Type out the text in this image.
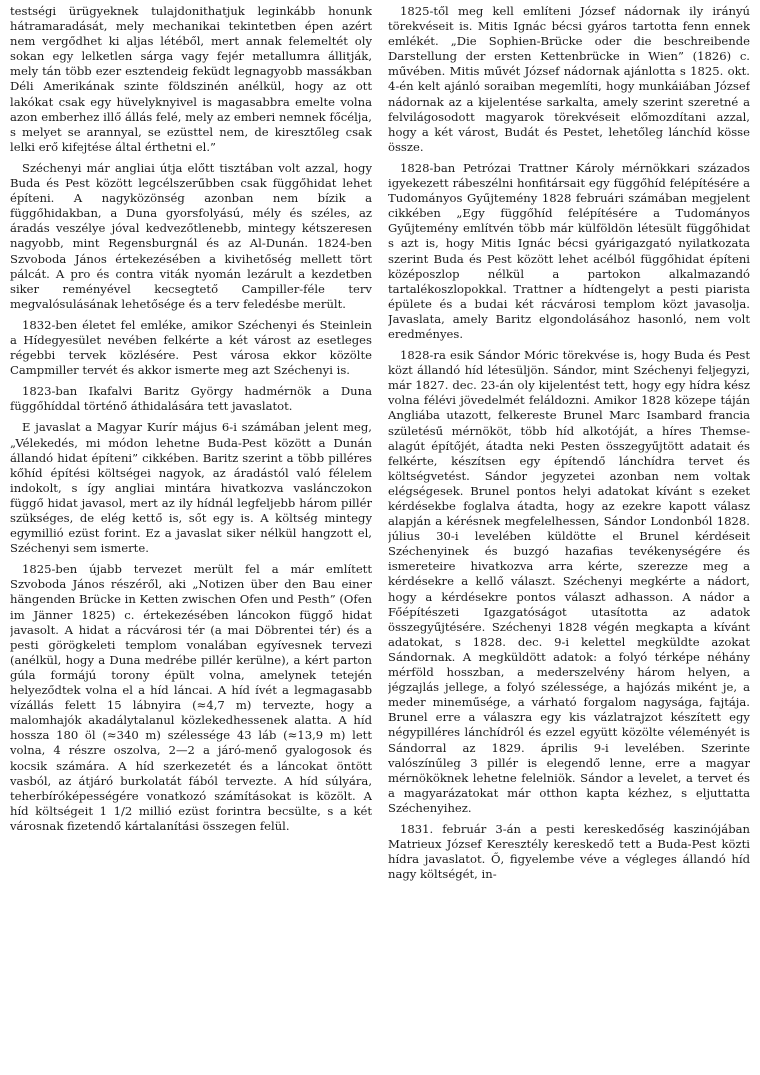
testségi ürügyeknek tulajdonithatjuk leginkább honunk hátramaradását, mely mechanikai tekintetben épen azért nem vergődhet ki aljas létéből, mert annak felemeltét oly sokan egy lelketlen sárga vagy fejér metallumra állitják, mely tán több ezer esztendeig feküdt legnagyobb massákban Déli Amerikának szinte földszinén anélkül, hogy az ott lakókat csak egy hüvelyknyivel is magasabbra emelte volna azon emberhez illő állás felé, mely az emberi nemnek főcélja, s melyet se arannyal, se ezüsttel nem, de kiresztőleg csak lelki erő kifejtése által érthetni el.”

Széchenyi már angliai útja előtt tisztában volt azzal, hogy Buda és Pest között legcélszerűbben csak függőhidat lehet építeni. A nagyközönség azonban nem bízik a függőhidakban, a Duna gyorsfolyású, mély és széles, az áradás veszélye jóval kedvezőtlenebb, mintegy kétszeresen nagyobb, mint Regensburgnál és az Al-Dunán. 1824-ben Szvoboda János értekezésében a kivihetőség mellett tört pálcát. A pro és contra viták nyomán lezárult a kezdetben siker reményével kecsegtető Campiller-féle terv megvalósulásának lehetősége és a terv feledésbe merült.

1832-ben életet fel emléke, amikor Széchenyi és Steinlein a Hídegyesület nevében felkérte a két várost az esetleges régebbi tervek közlésére. Pest városa ekkor közölte Campmiller tervét és akkor ismerte meg azt Széchenyi is.

1823-ban Ikafalvi Baritz György hadmérnök a Duna függőhíddal történő áthidalására tett javaslatot.

E javaslat a Magyar Kurír május 6-i számában jelent meg, „Vélekedés, mi módon lehetne Buda-Pest között a Dunán állandó hidat építeni” cikkében. Baritz szerint a több pilléres kőhíd építési költségei nagyok, az áradástól való félelem indokolt, s így angliai mintára hivatkozva vaslánczokon függő hidat javasol, mert az ily hídnál legfeljebb három pillér szükséges, de elég kettő is, sőt egy is. A költség mintegy egymillió ezüst forint. Ez a javaslat siker nélkül hangzott el, Széchenyi sem ismerte.

1825-ben újabb tervezet merült fel a már említett Szvoboda János részéről, aki „Notizen über den Bau einer hängenden Brücke in Ketten zwischen Ofen und Pesth” (Ofen im Jänner 1825) c. értekezésében láncokon függő hidat javasolt. A hidat a rácvárosi tér (a mai Döbrentei tér) és a pesti görögkeleti templom vonalában egyívesnek tervezi (anélkül, hogy a Duna medrébe pillér kerülne), a kért parton gúla formájú torony épült volna, amelynek tetején helyeződtek volna el a híd láncai. A híd ívét a legmagasabb vízállás felett 15 lábnyira (≈4,7 m) tervezte, hogy a malomhajók akadálytalanul közlekedhessenek alatta. A híd hossza 180 öl (≈340 m) szélessége 43 láb (≈13,9 m) lett volna, 4 részre oszolva, 2—2 a járó-menő gyalogosok és kocsik számára. A híd szerkezetét és a láncokat öntött vasból, az átjáró burkolatát fából tervezte. A híd súlyára, teherbíróképességére vonatkozó számításokat is közölt. A híd költségeit 1 1/2 millió ezüst forintra becsülte, s a két városnak fizetendő kártalanítási összegen felül.

1825-től meg kell említeni József nádornak ily irányú törekvéseit is. Mitis Ignác bécsi gyáros tartotta fenn ennek emlékét. „Die Sophien-Brücke oder die beschreibende Darstellung der ersten Kettenbrücke in Wien” (1826) c. művében. Mitis művét József nádornak ajánlotta s 1825. okt. 4-én kelt ajánló soraiban megemlíti, hogy munkáiában József nádornak az a kijelentése sarkalta, amely szerint szeretné a felvilágosodott magyarok törekvéseit előmozdítani azzal, hogy a két várost, Budát és Pestet, lehetőleg lánchíd kösse össze.

1828-ban Petrózai Trattner Károly mérnökkari százados igyekezett rábeszélni honfitársait egy függőhíd felépítésére a Tudományos Gyűjtemény 1828 februári számában megjelent cikkében „Egy függőhíd felépítésére a Tudományos Gyűjtemény említvén több már külföldön létesült függőhidat s azt is, hogy Mitis Ignác bécsi gyárigazgató nyilatkozata szerint Buda és Pest között lehet acélból függőhidat építeni középoszlop nélkül a partokon alkalmazandó tartalékoszlopokkal. Trattner a hídtengelyt a pesti piarista épülete és a budai két rácvárosi templom közt javasolja. Javaslata, amely Baritz elgondolásához hasonló, nem volt eredményes.

1828-ra esik Sándor Móric törekvése is, hogy Buda és Pest közt állandó híd létesüljön. Sándor, mint Széchenyi feljegyzi, már 1827. dec. 23-án oly kijelentést tett, hogy egy hídra kész volna félévi jövedelmét feláldozni. Amikor 1828 közepe táján Angliába utazott, felkereste Brunel Marc Isambard francia születésű mérnököt, több híd alkotóját, a híres Themse-alagút építőjét, átadta neki Pesten összegyűjtött adatait és felkérte, készítsen egy építendő lánchídra tervet és költségvetést. Sándor jegyzetei azonban nem voltak elégségesek. Brunel pontos helyi adatokat kívánt s ezeket kérdésekbe foglalva átadta, hogy az ezekre kapott válasz alapján a kérésnek megfelelhessen, Sándor Londonból 1828. július 30-i levelében küldötte el Brunel kérdéseit Széchenyinek és buzgó hazafias tevékenységére és ismereteire hivatkozva arra kérte, szerezze meg a kérdésekre a kellő választ. Széchenyi megkérte a nádort, hogy a kérdésekre pontos választ adhasson. A nádor a Főépítészeti Igazgatóságot utasította az adatok összegyűjtésére. Széchenyi 1828 végén megkapta a kívánt adatokat, s 1828. dec. 9-i kelettel megküldte azokat Sándornak. A megküldött adatok: a folyó térképe néhány mérföld hosszban, a mederszelvény három helyen, a jégzajlás jellege, a folyó szélessége, a hajózás miként je, a meder mineműsége, a várható forgalom nagysága, fajtája. Brunel erre a válaszra egy kis vázlatrajzot készített egy négypilléres lánchídról és ezzel együtt közölte véleményét is Sándorral az 1829. április 9-i levelében. Szerinte valószínűleg 3 pillér is elegendő lenne, erre a magyar mérnököknek lehetne felelniök. Sándor a levelet, a tervet és a magyarázatokat már otthon kapta kézhez, s eljuttatta Széchenyihez.

1831. február 3-án a pesti kereskedőség kaszinójában Matrieux József Keresztély kereskedő tett a Buda-Pest közti hídra javaslatot. Ő, figyelembe véve a végleges állandó híd nagy költségét, in-
